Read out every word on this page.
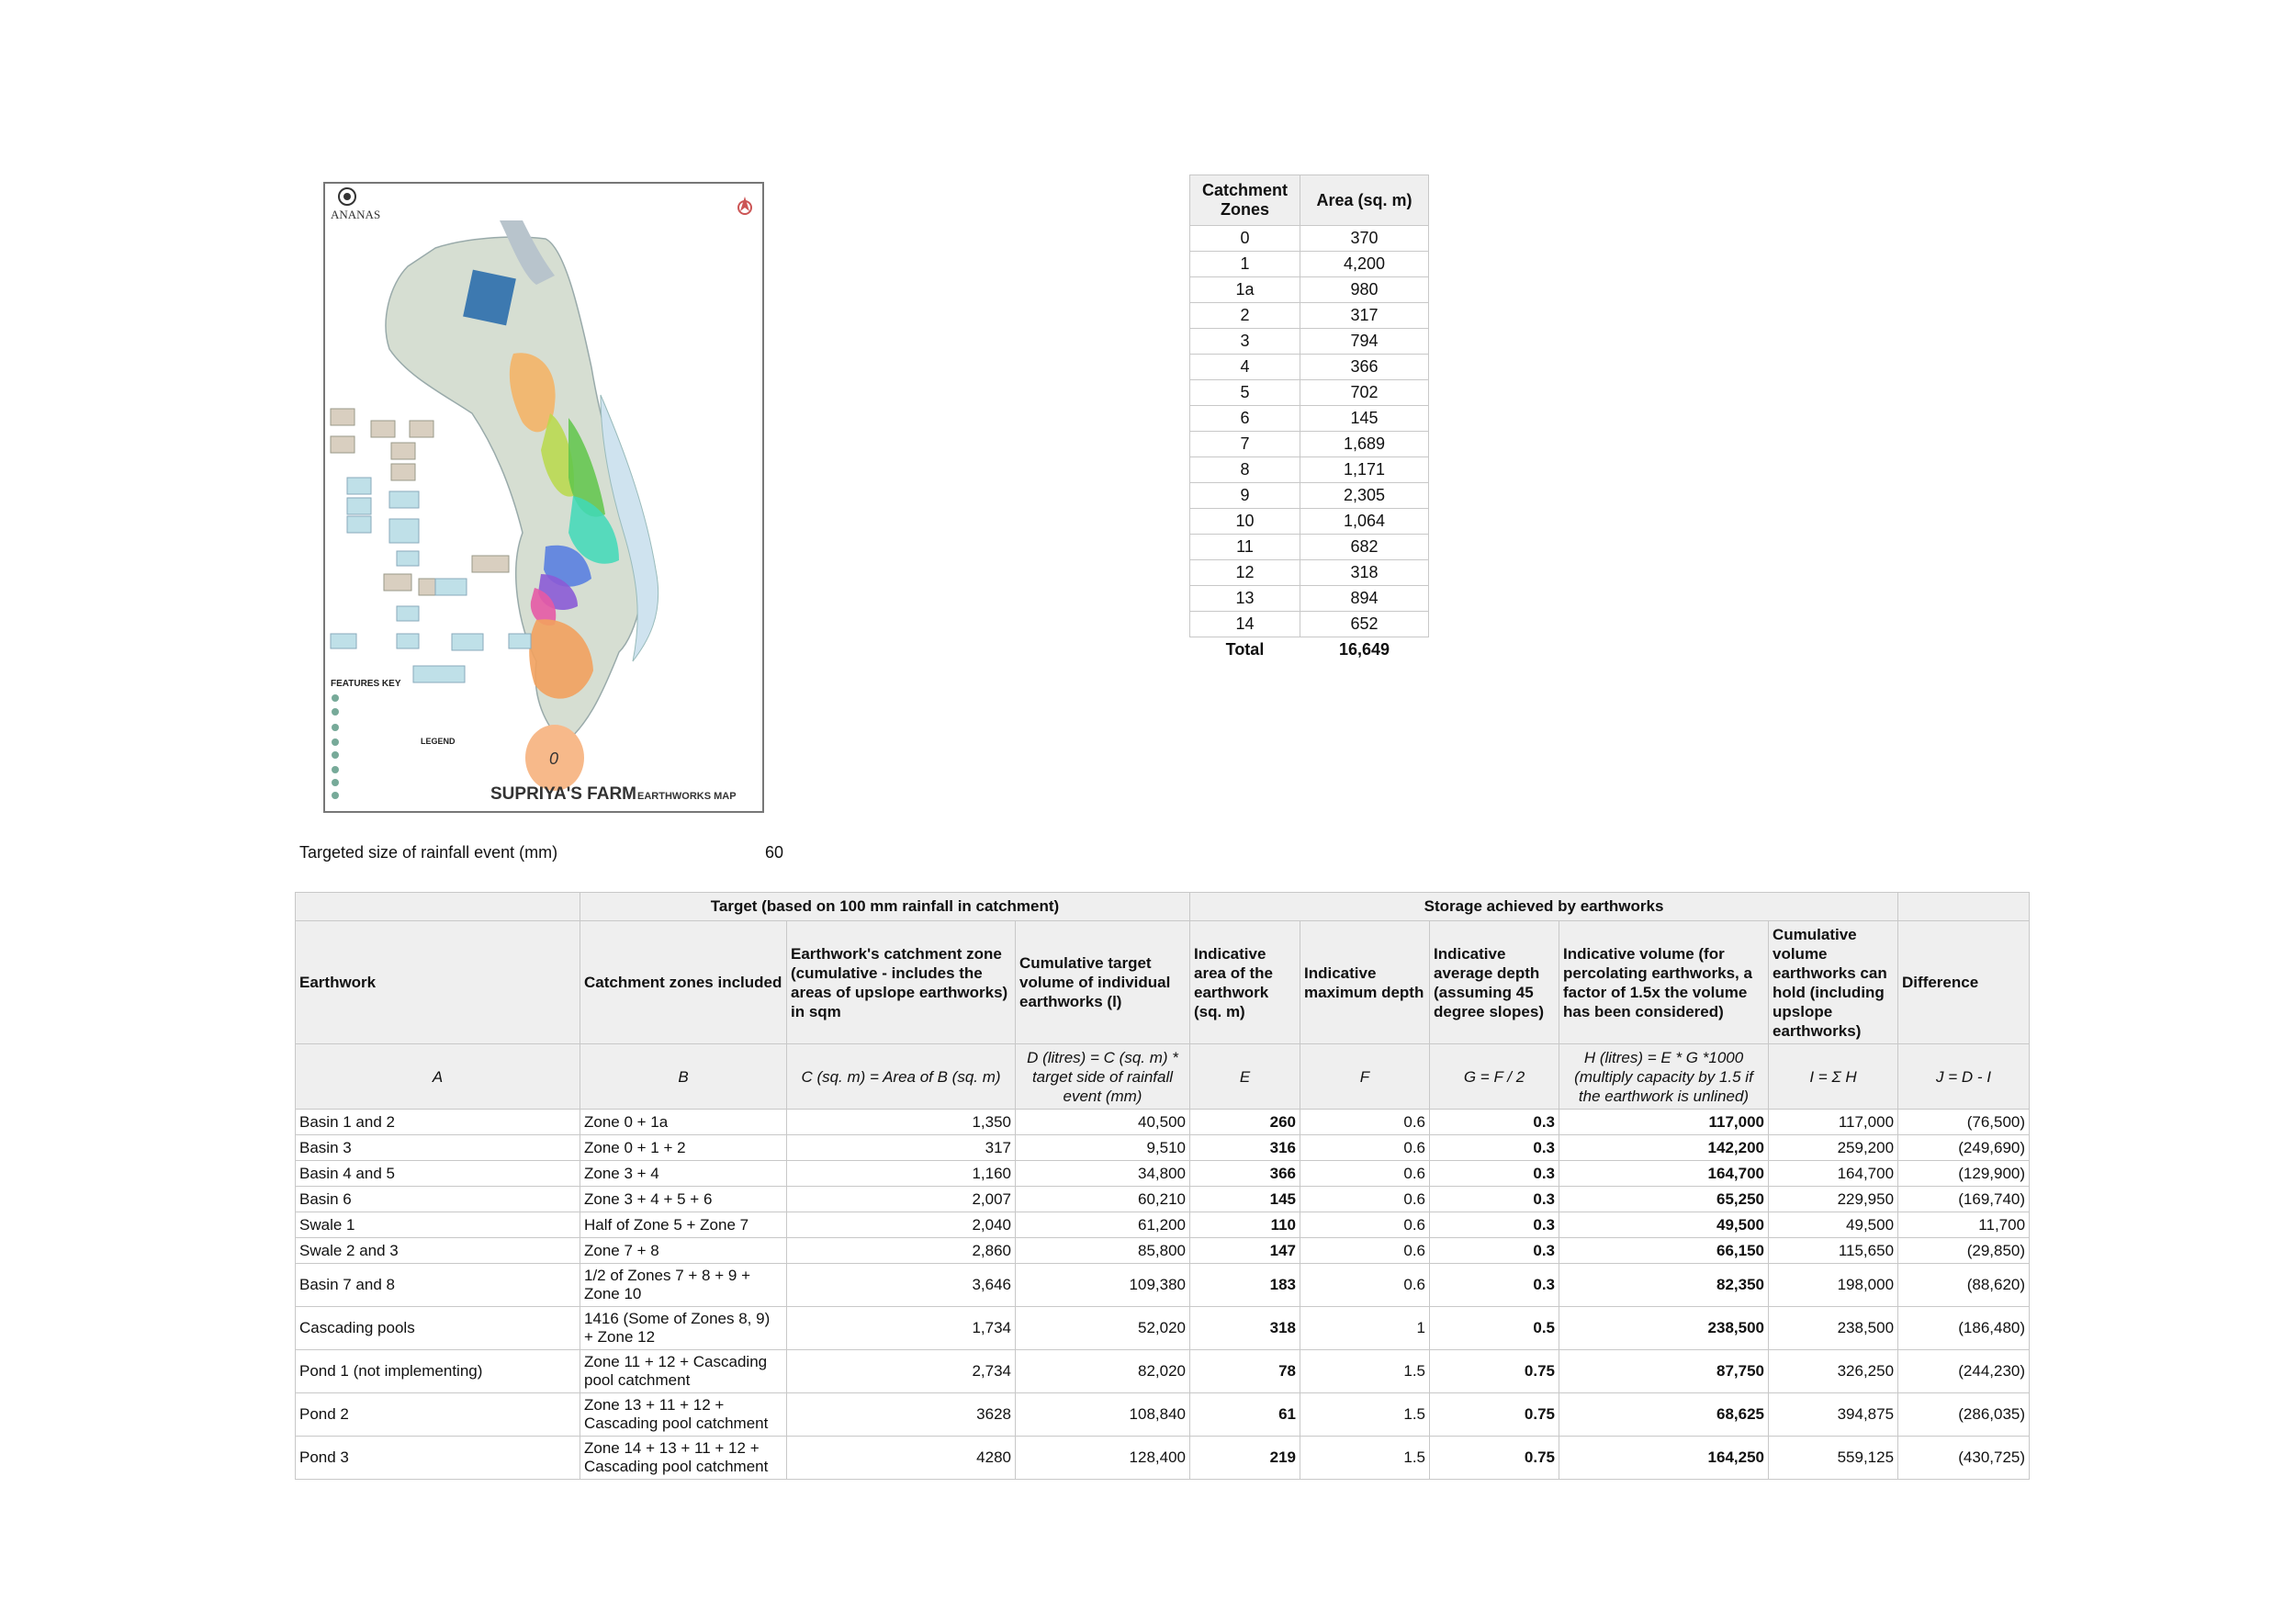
ANANAS
0
FEATURES KEY
LEGEND
SUPRIYA'S FARM EARTHWORKS MAP
Catchment Zones	Area (sq. m)
0	370
1	4,200
1a	980
2	317
3	794
4	366
5	702
6	145
7	1,689
8	1,171
9	2,305
10	1,064
11	682
12	318
13	894
14	652
Total	16,649
Targeted size of rainfall event (mm)	60
	Target (based on 100 mm rainfall in catchment)			Storage achieved by earthworks					
Earthwork	Catchment zones included	Earthwork's catchment zone (cumulative - includes the areas of upslope earthworks) in sqm	Cumulative target volume of individual earthworks (l)	Indicative area of the earthwork (sq. m)	Indicative maximum depth	Indicative average depth (assuming 45 degree slopes)	Indicative volume (for percolating earthworks, a factor of 1.5x the volume has been considered)	Cumulative volume earthworks can hold (including upslope earthworks)	Difference
A	B	C (sq. m) = Area of B (sq. m)	D (litres) = C (sq. m) * target side of rainfall event (mm)	E	F	G = F / 2	H (litres) = E * G *1000 (multiply capacity by 1.5 if the earthwork is unlined)	I = Σ H	J = D - I
Basin 1 and 2	Zone 0 + 1a	1,350	40,500	260	0.6	0.3	117,000	117,000	(76,500)
Basin 3	Zone 0 + 1 + 2	317	9,510	316	0.6	0.3	142,200	259,200	(249,690)
Basin 4 and 5	Zone 3 + 4	1,160	34,800	366	0.6	0.3	164,700	164,700	(129,900)
Basin 6	Zone 3 + 4 + 5 + 6	2,007	60,210	145	0.6	0.3	65,250	229,950	(169,740)
Swale 1	Half of Zone 5 + Zone 7	2,040	61,200	110	0.6	0.3	49,500	49,500	11,700
Swale 2 and 3	Zone 7 + 8	2,860	85,800	147	0.6	0.3	66,150	115,650	(29,850)
Basin 7 and 8	1/2 of Zones 7 + 8 + 9 + Zone 10	3,646	109,380	183	0.6	0.3	82,350	198,000	(88,620)
Cascading pools	1416 (Some of Zones 8, 9) + Zone 12	1,734	52,020	318	1	0.5	238,500	238,500	(186,480)
Pond 1 (not implementing)	Zone 11 + 12 + Cascading pool catchment	2,734	82,020	78	1.5	0.75	87,750	326,250	(244,230)
Pond 2	Zone 13 + 11 + 12 + Cascading pool catchment	3628	108,840	61	1.5	0.75	68,625	394,875	(286,035)
Pond 3	Zone 14 + 13 + 11 + 12 + Cascading pool catchment	4280	128,400	219	1.5	0.75	164,250	559,125	(430,725)
